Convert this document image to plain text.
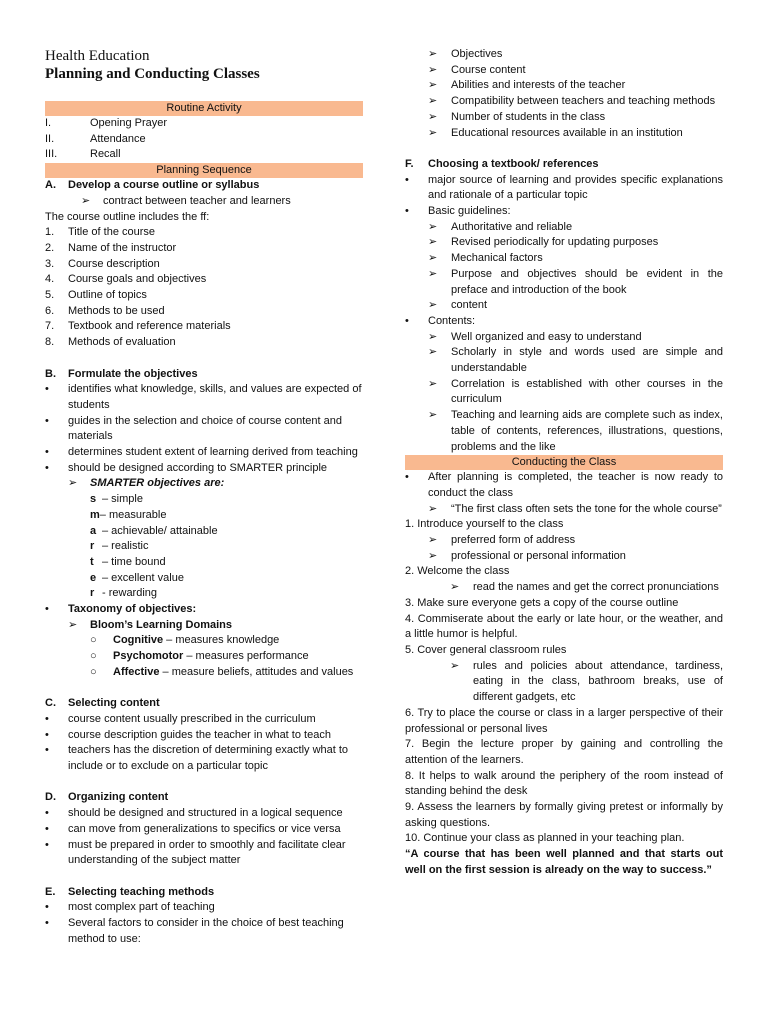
Health Education
Planning and Conducting Classes
Routine Activity
I.	Opening Prayer
II.	Attendance
III.	Recall
Planning Sequence
A.	Develop a course outline or syllabus
➢	contract between teacher and learners
The course outline includes the ff:
1.	Title of the course
2.	Name of the instructor
3.	Course description
4.	Course goals and objectives
5.	Outline of topics
6.	Methods to be used
7.	Textbook and reference materials
8.	Methods of evaluation
B.	Formulate the objectives
•	identifies what knowledge, skills, and values are expected of students
•	guides in the selection and choice of course content and materials
•	determines student extent of learning derived from teaching
•	should be designed according to SMARTER principle
➢	SMARTER objectives are:
s – simple
m – measurable
a – achievable/ attainable
r – realistic
t – time bound
e – excellent value
r - rewarding
•	Taxonomy of objectives:
➢	Bloom’s Learning Domains
○	Cognitive – measures knowledge
○	Psychomotor – measures performance
○	Affective – measure beliefs, attitudes and values
C.	Selecting content
•	course content usually prescribed in the curriculum
•	course description guides the teacher in what to teach
•	teachers has the discretion of determining exactly what to include or to exclude on a particular topic
D.	Organizing content
•	should be designed and structured in a logical sequence
•	can move from generalizations to specifics or vice versa
•	must be prepared in order to smoothly and facilitate clear understanding of the subject matter
E.	Selecting teaching methods
•	most complex part of teaching
•	Several factors to consider in the choice of best teaching method to use:
➢	Objectives
➢	Course content
➢	Abilities and interests of the teacher
➢	Compatibility between teachers and teaching methods
➢	Number of students in the class
➢	Educational resources available in an institution
F.	Choosing a textbook/ references
•	major source of learning and provides specific explanations and rationale of a particular topic
•	Basic guidelines:
➢	Authoritative and reliable
➢	Revised periodically for updating purposes
➢	Mechanical factors
➢	Purpose and objectives should be evident in the preface and introduction of the book
➢	content
•	Contents:
➢	Well organized and easy to understand
➢	Scholarly in style and words used are simple and understandable
➢	Correlation is established with other courses in the curriculum
➢	Teaching and learning aids are complete such as index, table of contents, references, illustrations, questions, problems and the like
Conducting the Class
•	After planning is completed, the teacher is now ready to conduct the class
➢	“The first class often sets the tone for the whole course”
1. Introduce yourself to the class
➢	preferred form of address
➢	professional or personal information
2. Welcome the class
➢	read the names and get the correct pronunciations
3. Make sure everyone gets a copy of the course outline
4. Commiserate about the early or late hour, or the weather, and a little humor is helpful.
5. Cover general classroom rules
➢	rules and policies about attendance, tardiness, eating in the class, bathroom breaks, use of different gadgets, etc
6. Try to place the course or class in a larger perspective of their professional or personal lives
7. Begin the lecture proper by gaining and controlling the attention of the learners.
8. It helps to walk around the periphery of the room instead of standing behind the desk
9. Assess the learners by formally giving pretest or informally by asking questions.
10. Continue your class as planned in your teaching plan.
“A course that has been well planned and that starts out well on the first session is already on the way to success.”
